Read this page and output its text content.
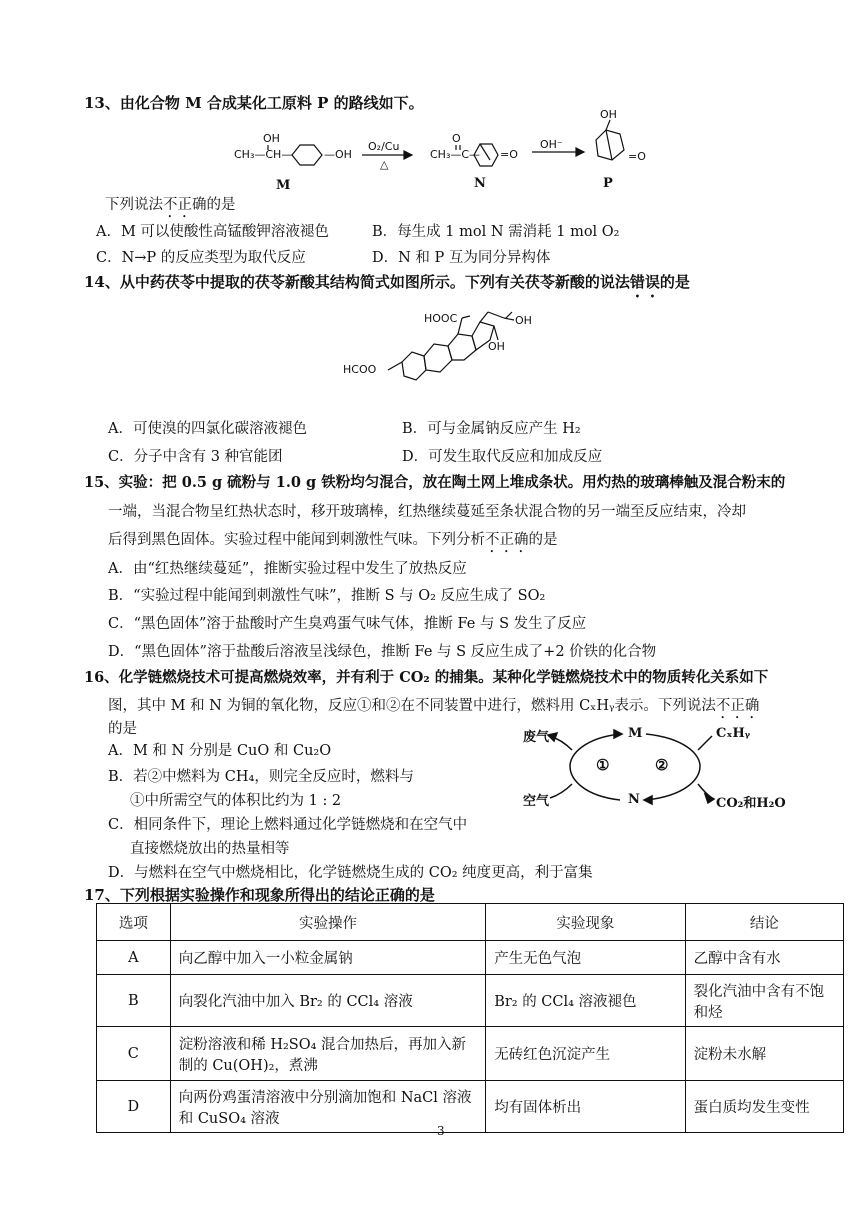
13、由化合物 M 合成某化工原料 P 的路线如下。
OH
CH₃—CH—	—OH
O₂/Cu
△
O
CH₃—C— =O
OH⁻
OH
=O
M	N	P
下列说法不正确的是
A．M 可以使酸性高锰酸钾溶液褪色	B．每生成 1 mol N 需消耗 1 mol O₂
C．N→P 的反应类型为取代反应	D．N 和 P 互为同分异构体
14、从中药茯苓中提取的茯苓新酸其结构简式如图所示。下列有关茯苓新酸的说法错误的是
HOOC	OH
OH
HCOO
A．可使溴的四氯化碳溶液褪色	B．可与金属钠反应产生 H₂
C．分子中含有 3 种官能团	D．可发生取代反应和加成反应
15、实验：把 0.5 g 硫粉与 1.0 g 铁粉均匀混合，放在陶土网上堆成条状。用灼热的玻璃棒触及混合粉末的
一端，当混合物呈红热状态时，移开玻璃棒，红热继续蔓延至条状混合物的另一端至反应结束，冷却
后得到黑色固体。实验过程中能闻到刺激性气味。下列分析不正确的是
A．由“红热继续蔓延”，推断实验过程中发生了放热反应
B．“实验过程中能闻到刺激性气味”，推断 S 与 O₂ 反应生成了 SO₂
C．“黑色固体”溶于盐酸时产生臭鸡蛋气味气体，推断 Fe 与 S 发生了反应
D．“黑色固体”溶于盐酸后溶液呈浅绿色，推断 Fe 与 S 反应生成了+2 价铁的化合物
16、化学链燃烧技术可提高燃烧效率，并有利于 CO₂ 的捕集。某种化学链燃烧技术中的物质转化关系如下
图，其中 M 和 N 为铜的氧化物，反应①和②在不同装置中进行，燃料用 CₓHᵧ表示。下列说法不正确
的是
A．M 和 N 分别是 CuO 和 Cu₂O
B．若②中燃料为 CH₄，则完全反应时，燃料与
①中所需空气的体积比约为 1 : 2
C．相同条件下，理论上燃料通过化学链燃烧和在空气中
直接燃烧放出的热量相等
D．与燃料在空气中燃烧相比，化学链燃烧生成的 CO₂ 纯度更高，利于富集
废气
空气
M
N
CₓHᵧ
CO₂和H₂O
①	②
17、下列根据实验操作和现象所得出的结论正确的是
选项	实验操作	实验现象	结论
A	向乙醇中加入一小粒金属钠	产生无色气泡	乙醇中含有水
B	向裂化汽油中加入 Br₂ 的 CCl₄ 溶液	Br₂ 的 CCl₄ 溶液褪色	裂化汽油中含有不饱和烃
C	淀粉溶液和稀 H₂SO₄ 混合加热后，再加入新制的 Cu(OH)₂，煮沸	无砖红色沉淀产生	淀粉未水解
D	向两份鸡蛋清溶液中分别滴加饱和 NaCl 溶液和 CuSO₄ 溶液	均有固体析出	蛋白质均发生变性
3
